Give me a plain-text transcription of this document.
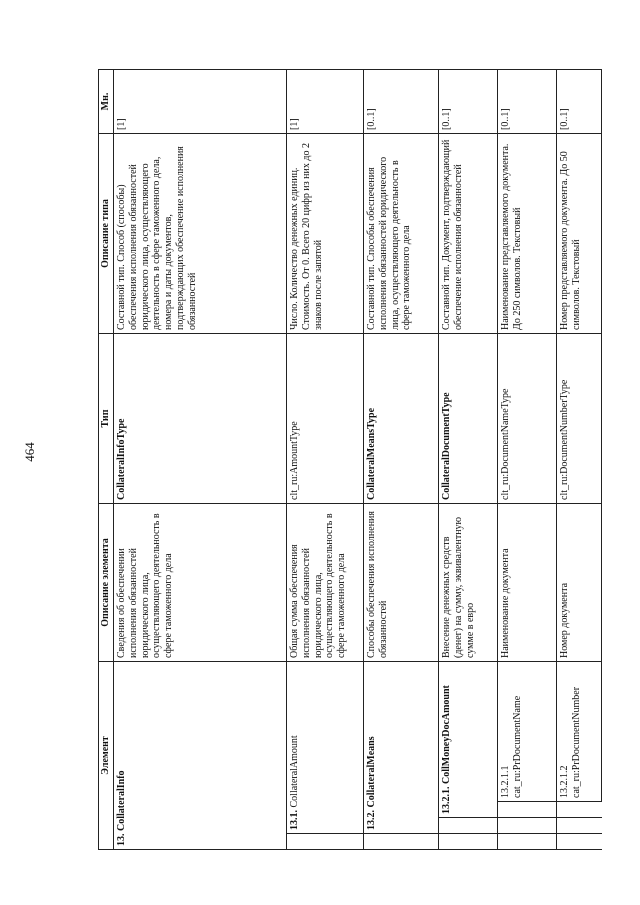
464
Элемент				Описание элемента	Тип	Описание типа	Мн.
13. CollateralInfo				Сведения об обеспечении исполнения обязанностей юридического лица, осуществляющего деятельность в сфере таможенного дела	CollateralInfoType	Составной тип. Способ (способы) обеспечения исполнения обязанностей юридического лица, осуществляющего деятельность в сфере таможенного дела, номера и даты документов, подтверждающих обеспечение исполнения обязанностей	[1]
	13.1. CollateralAmount			Общая сумма обеспечения исполнения обязанностей юридического лица, осуществляющего деятельность в сфере таможенного дела	clt_ru:AmountType	Число. Количество денежных единиц. Стоимость. От 0. Всего 20 цифр из них до 2 знаков после запятой	[1]
	13.2. CollateralMeans			Способы обеспечения исполнения обязанностей	CollateralMeansType	Составной тип. Способы обеспечения исполнения обязанностей юридического лица, осуществляющего деятельность в сфере таможенного дела	[0..1]
		13.2.1. CollMoneyDocAmount		Внесение денежных средств (денег) на сумму, эквивалентную сумме в евро	CollateralDocumentType	Составной тип. Документ, подтверждающий обеспечение исполнения обязанностей	[0..1]
			13.2.1.1 cat_ru:PrDocumentName	Наименование документа	clt_ru:DocumentNameType	Наименование представляемого документа. До 250 символов. Текстовый	[0..1]
			13.2.1.2 cat_ru:PrDocumentNumber	Номер документа	clt_ru:DocumentNumberType	Номер представляемого документа. До 50 символов. Текстовый	[0..1]
